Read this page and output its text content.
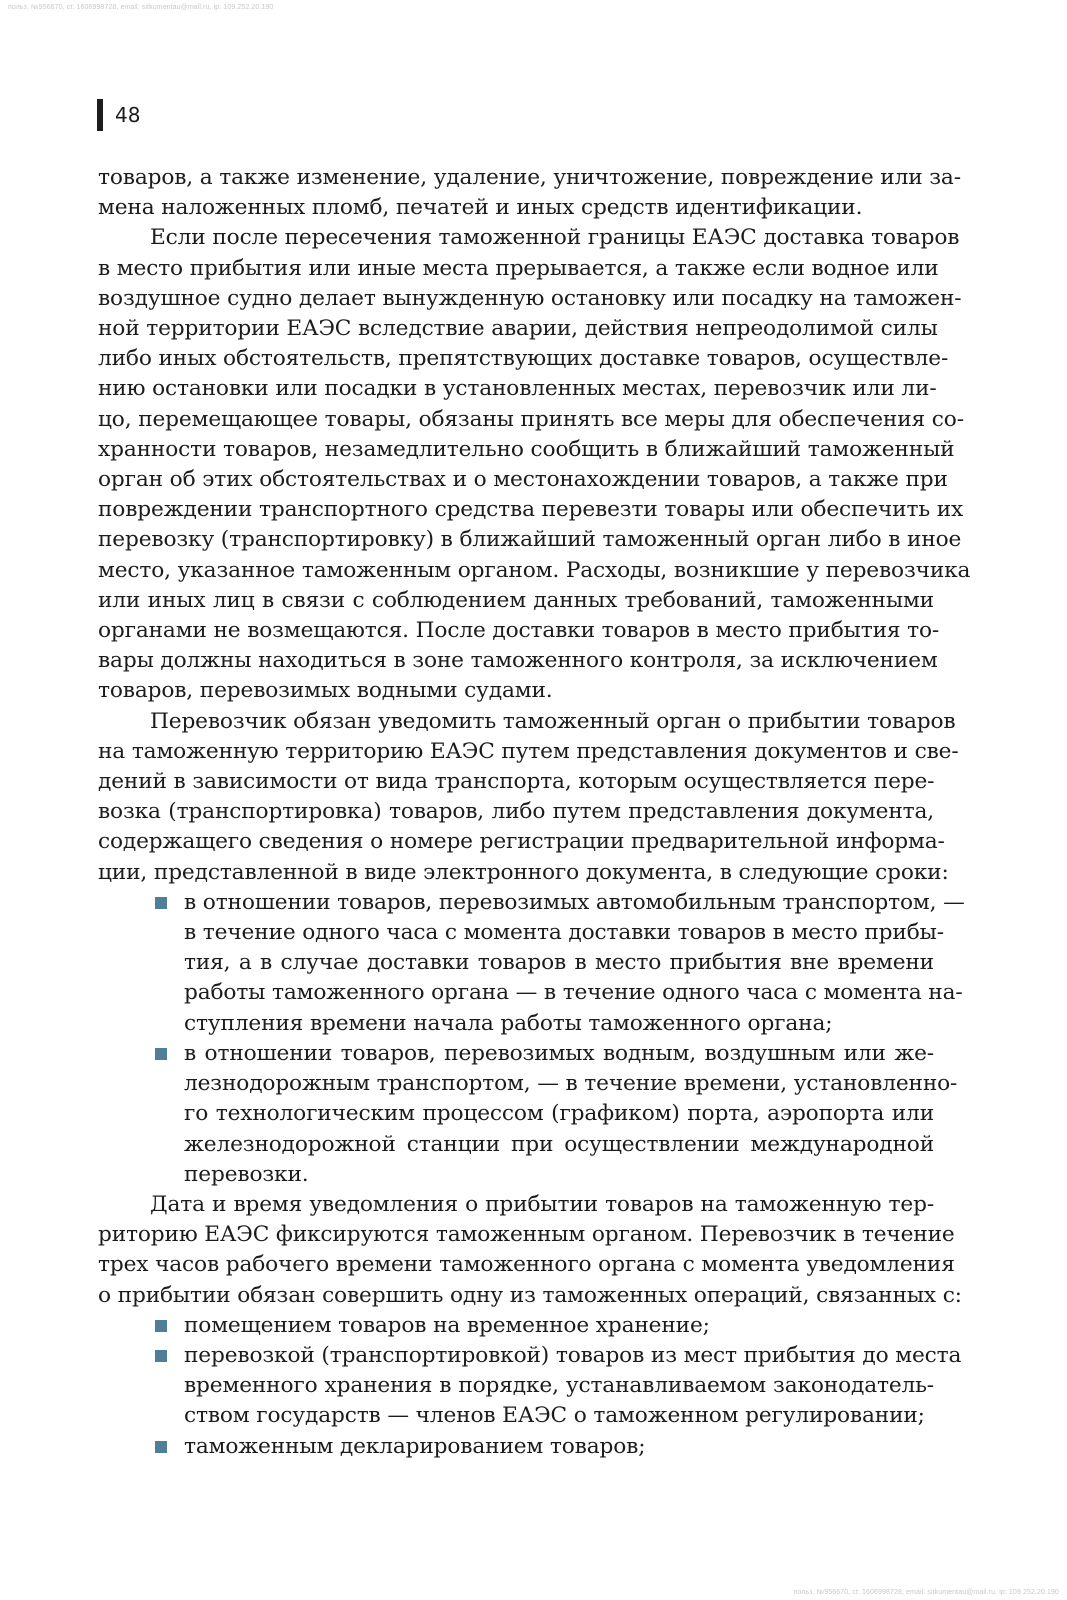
польз. №956670, ct: 1606998728, email: sitkumentau@mail.ru, ip: 109.252.20.190
польз. №956670, ct: 1606998728, email: sitkumentau@mail.ru, ip: 109.252.20.190
48
товаров, а также изменение, удаление, уничтожение, повреждение или за-
мена наложенных пломб, печатей и иных средств идентификации.
Если после пересечения таможенной границы ЕАЭС доставка товаров
в место прибытия или иные места прерывается, а также если водное или
воздушное судно делает вынужденную остановку или посадку на таможен-
ной территории ЕАЭС вследствие аварии, действия непреодолимой силы
либо иных обстоятельств, препятствующих доставке товаров, осуществле-
нию остановки или посадки в установленных местах, перевозчик или ли-
цо, перемещающее товары, обязаны принять все меры для обеспечения со-
хранности товаров, незамедлительно сообщить в ближайший таможенный
орган об этих обстоятельствах и о местонахождении товаров, а также при
повреждении транспортного средства перевезти товары или обеспечить их
перевозку (транспортировку) в ближайший таможенный орган либо в иное
место, указанное таможенным органом. Расходы, возникшие у перевозчика
или иных лиц в связи с соблюдением данных требований, таможенными
органами не возмещаются. После доставки товаров в место прибытия то-
вары должны находиться в зоне таможенного контроля, за исключением
товаров, перевозимых водными судами.
Перевозчик обязан уведомить таможенный орган о прибытии товаров
на таможенную территорию ЕАЭС путем представления документов и све-
дений в зависимости от вида транспорта, которым осуществляется пере-
возка (транспортировка) товаров, либо путем представления документа,
содержащего сведения о номере регистрации предварительной информа-
ции, представленной в виде электронного документа, в следующие сроки:
в отношении товаров, перевозимых автомобильным транспортом, —
в течение одного часа с момента доставки товаров в место прибы-
тия, а в случае доставки товаров в место прибытия вне времени
работы таможенного органа — в течение одного часа с момента на-
ступления времени начала работы таможенного органа;
в отношении товаров, перевозимых водным, воздушным или же-
лезнодорожным транспортом, — в течение времени, установленно-
го технологическим процессом (графиком) порта, аэропорта или
железнодорожной станции при осуществлении международной
перевозки.
Дата и время уведомления о прибытии товаров на таможенную тер-
риторию ЕАЭС фиксируются таможенным органом. Перевозчик в течение
трех часов рабочего времени таможенного органа с момента уведомления
о прибытии обязан совершить одну из таможенных операций, связанных с:
помещением товаров на временное хранение;
перевозкой (транспортировкой) товаров из мест прибытия до места
временного хранения в порядке, устанавливаемом законодатель-
ством государств — членов ЕАЭС о таможенном регулировании;
таможенным декларированием товаров;
